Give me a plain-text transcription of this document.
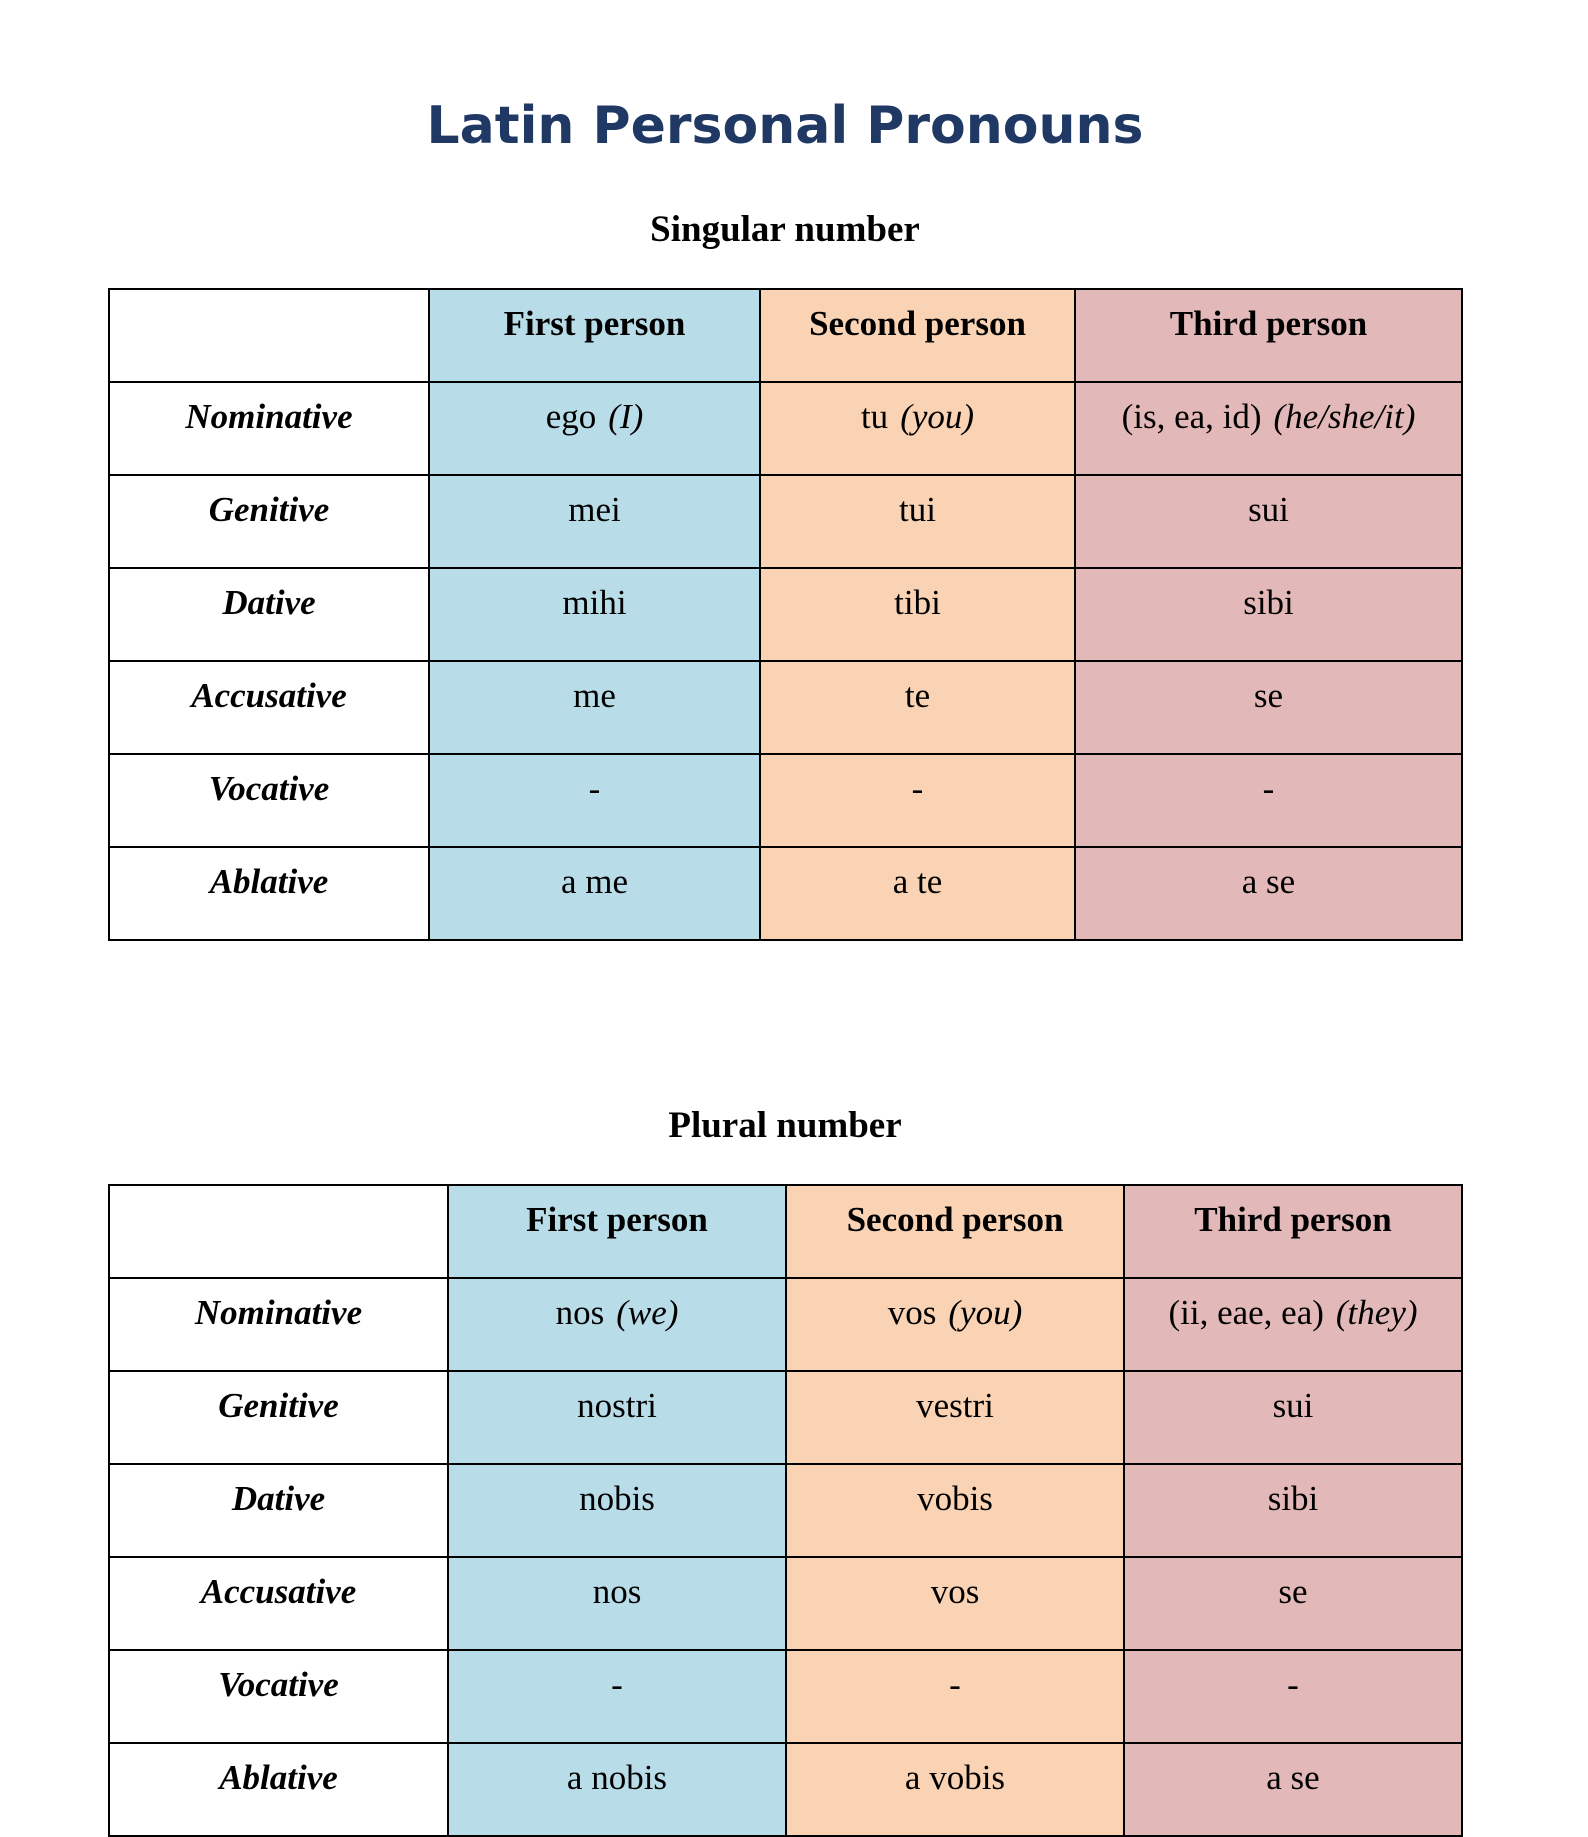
Latin Personal Pronouns
Singular number
	First person	Second person	Third person
Nominative	ego (I)	tu (you)	(is, ea, id) (he/she/it)
Genitive	mei	tui	sui
Dative	mihi	tibi	sibi
Accusative	me	te	se
Vocative	-	-	-
Ablative	a me	a te	a se
Plural number
	First person	Second person	Third person
Nominative	nos (we)	vos (you)	(ii, eae, ea) (they)
Genitive	nostri	vestri	sui
Dative	nobis	vobis	sibi
Accusative	nos	vos	se
Vocative	-	-	-
Ablative	a nobis	a vobis	a se
